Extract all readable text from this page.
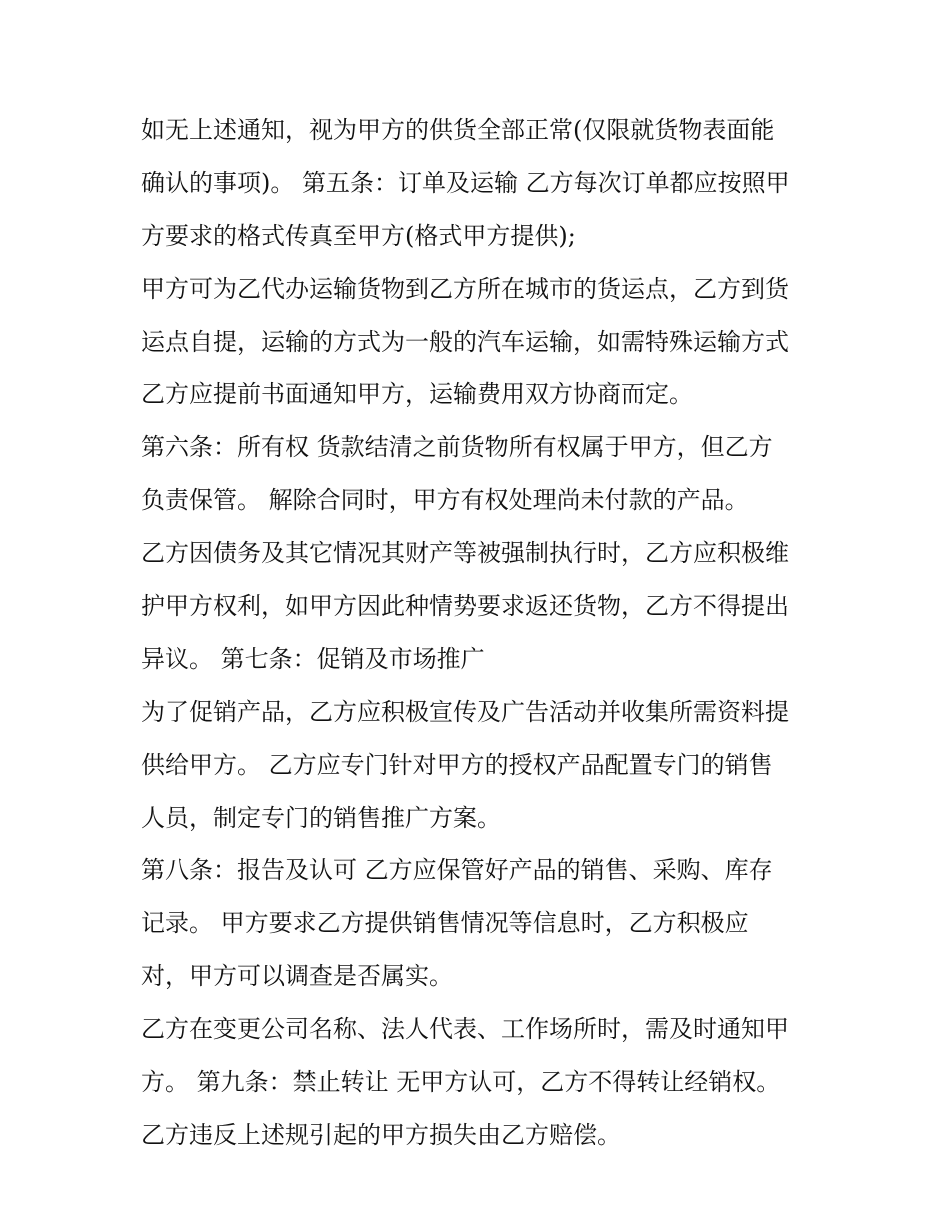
如无上述通知，视为甲方的供货全部正常(仅限就货物表面能

确认的事项)。 第五条：订单及运输 乙方每次订单都应按照甲

方要求的格式传真至甲方(格式甲方提供);

甲方可为乙代办运输货物到乙方所在城市的货运点，乙方到货

运点自提，运输的方式为一般的汽车运输，如需特殊运输方式

乙方应提前书面通知甲方，运输费用双方协商而定。

第六条：所有权 货款结清之前货物所有权属于甲方，但乙方

负责保管。 解除合同时，甲方有权处理尚未付款的产品。

乙方因债务及其它情况其财产等被强制执行时，乙方应积极维

护甲方权利，如甲方因此种情势要求返还货物，乙方不得提出

异议。 第七条：促销及市场推广

为了促销产品，乙方应积极宣传及广告活动并收集所需资料提

供给甲方。 乙方应专门针对甲方的授权产品配置专门的销售

人员，制定专门的销售推广方案。

第八条：报告及认可 乙方应保管好产品的销售、采购、库存

记录。 甲方要求乙方提供销售情况等信息时，乙方积极应

对，甲方可以调查是否属实。

乙方在变更公司名称、法人代表、工作场所时，需及时通知甲

方。 第九条：禁止转让 无甲方认可，乙方不得转让经销权。

乙方违反上述规引起的甲方损失由乙方赔偿。
